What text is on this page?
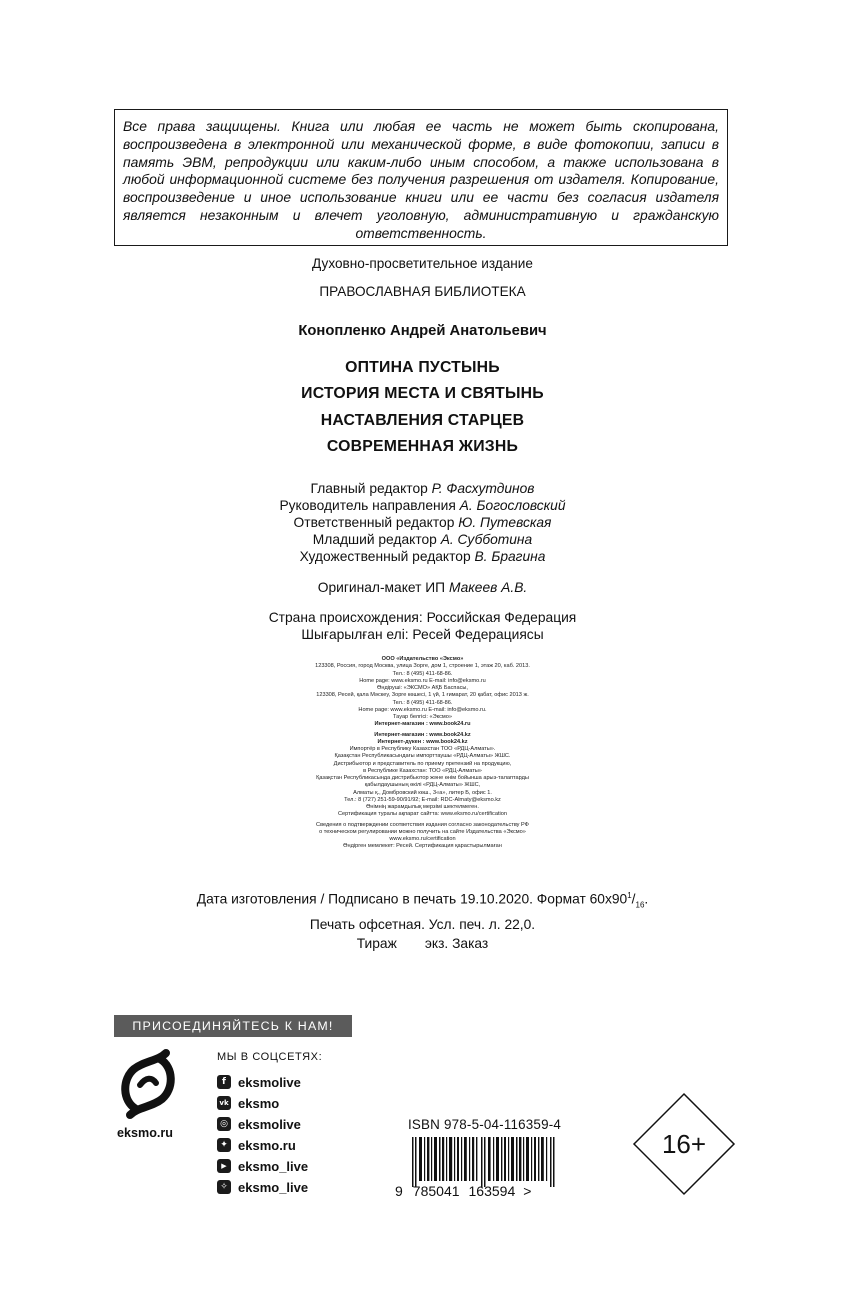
Все права защищены. Книга или любая ее часть не может быть скопирована, воспроизведена в электронной или механической форме, в виде фотокопии, записи в память ЭВМ, репродукции или каким-либо иным способом, а также использована в любой информационной системе без получения разрешения от издателя. Копирование, воспроизведение и иное использование книги или ее части без согласия издателя является незаконным и влечет уголовную, административную и гражданскую ответственность.
Духовно-просветительное издание
ПРАВОСЛАВНАЯ БИБЛИОТЕКА
Конопленко Андрей Анатольевич
ОПТИНА ПУСТЫНЬ
ИСТОРИЯ МЕСТА И СВЯТЫНЬ
НАСТАВЛЕНИЯ СТАРЦЕВ
СОВРЕМЕННАЯ ЖИЗНЬ
Главный редактор Р. Фасхутдинов
Руководитель направления А. Богословский
Ответственный редактор Ю. Путевская
Младший редактор А. Субботина
Художественный редактор В. Брагина
Оригинал-макет ИП Макеев А.В.
Страна происхождения: Российская Федерация
Шығарылған елі: Ресей Федерациясы
ООО «Издательство «Эксмо»
123308, Россия, город Москва, улица Зорге, дом 1, строение 1, этаж 20, каб. 2013.
Тел.: 8 (495) 411-68-86.
Home page: www.eksmo.ru E-mail: info@eksmo.ru
Өндіруші: «ЭКСМО» АҚБ Баспасы,
123308, Ресей, қала Мәскеу, Зорге көшесі, 1 үй, 1 ғимарат, 20 қабат, офис 2013 ж.
Тел.: 8 (495) 411-68-86.
Home page: www.eksmo.ru E-mail: info@eksmo.ru.
Тауар белгісі: «Эксмо»
Интернет-магазин : www.book24.ru
Интернет-магазин : www.book24.kz
Интернет-дүкен : www.book24.kz
Импортёр в Республику Казахстан ТОО «РДЦ-Алматы».
Қазақстан Республикасындағы импорттаушы «РДЦ-Алматы» ЖШС.
Дистрибьютор и представитель по приему претензий на продукцию,
в Республике Казахстан: ТОО «РДЦ-Алматы»
Қазақстан Республикасында дистрибьютор және өнім бойынша арыз-талаптарды
қабылдаушының өкілі «РДЦ-Алматы» ЖШС,
Алматы қ., Домбровский көш., 3«а», литер Б, офис 1.
Тел.: 8 (727) 251-59-90/91/92; E-mail: RDC-Almaty@eksmo.kz
Өнімнің жарамдылық мерзімі шектелмеген.
Сертификация туралы ақпарат сайтта: www.eksmo.ru/certification
Сведения о подтверждении соответствия издания согласно законодательству РФ
о техническом регулировании можно получить на сайте Издательства «Эксмо»
www.eksmo.ru/certification
Өндірген мемлекет: Ресей. Сертификация қарастырылмаған
Дата изготовления / Подписано в печать 19.10.2020. Формат $60х90^1/_{16}$.
Печать офсетная. Усл. печ. л. 22,0.
Тираж экз. Заказ
ПРИСОЕДИНЯЙТЕСЬ К НАМ!
eksmo.ru
МЫ В СОЦСЕТЯХ:
f eksmolive
vk eksmo
◎ eksmolive
✦ eksmo.ru
▶ eksmo_live
✧ eksmo_live
ISBN 978-5-04-116359-4
9 785041 163594 >
16+
